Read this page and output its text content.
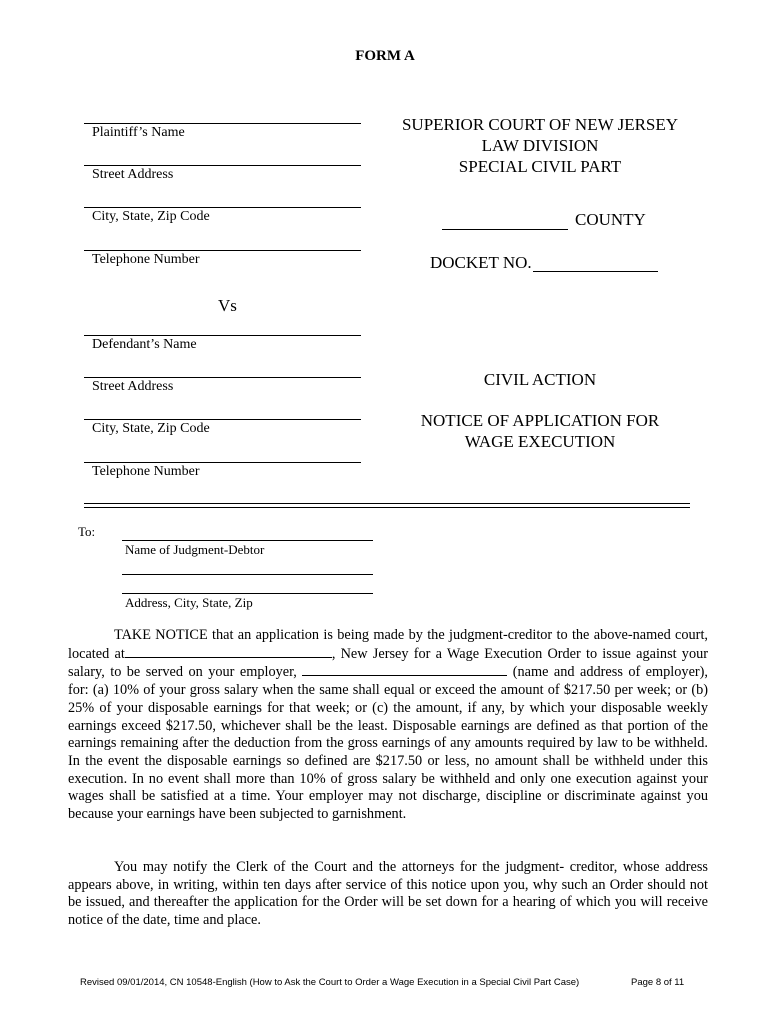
FORM A
Plaintiff’s Name
Street Address
City, State, Zip Code
Telephone Number
SUPERIOR COURT OF NEW JERSEY
LAW DIVISION
SPECIAL CIVIL PART
COUNTY
DOCKET NO.
Vs
Defendant’s Name
Street Address
City, State, Zip Code
Telephone Number
CIVIL ACTION
NOTICE OF APPLICATION FOR
WAGE EXECUTION
To:
Name of Judgment-Debtor
Address, City, State, Zip
TAKE NOTICE that an application is being made by the judgment-creditor to the above-named court, located at	, New Jersey for a Wage Execution Order to issue against your salary, to be served on your employer,	(name and address of employer), for: (a) 10% of your gross salary when the same shall equal or exceed the amount of $217.50 per week; or (b) 25% of your disposable earnings for that week; or (c) the amount, if any, by which your disposable weekly earnings exceed $217.50, whichever shall be the least. Disposable earnings are defined as that portion of the earnings remaining after the deduction from the gross earnings of any amounts required by law to be withheld. In the event the disposable earnings so defined are $217.50 or less, no amount shall be withheld under this execution. In no event shall more than 10% of gross salary be withheld and only one execution against your wages shall be satisfied at a time. Your employer may not discharge, discipline or discriminate against you because your earnings have been subjected to garnishment.
You may notify the Clerk of the Court and the attorneys for the judgment- creditor, whose address appears above, in writing, within ten days after service of this notice upon you, why such an Order should not be issued, and thereafter the application for the Order will be set down for a hearing of which you will receive notice of the date, time and place.
Revised 09/01/2014, CN 10548-English (How to Ask the Court to Order a Wage Execution in a Special Civil Part Case)	Page 8 of 11
